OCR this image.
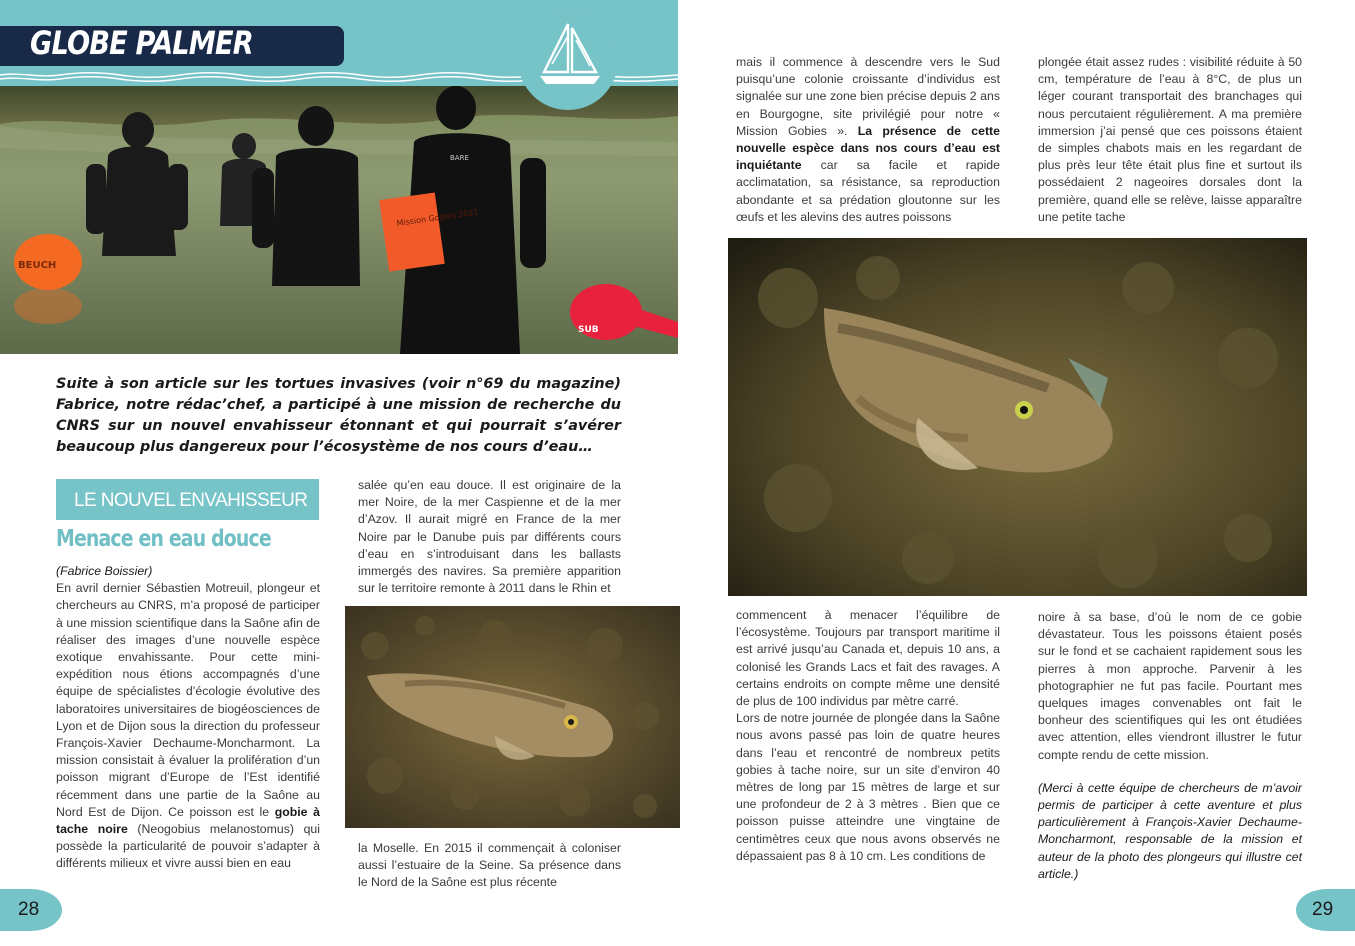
GLOBE PALMER
Mission Gobies 2021
BEUCH
SUB
BARE
Suite à son article sur les tortues invasives (voir n°69 du magazine) Fabrice, notre rédac’chef, a participé à une mission de recherche du CNRS sur un nouvel envahisseur étonnant et qui pourrait s’avérer beaucoup plus dangereux pour l’écosystème de nos cours d’eau…
LE NOUVEL ENVAHISSEUR
Menace en eau douce

(Fabrice Boissier)

En avril dernier Sébastien Motreuil, plongeur et chercheurs au CNRS, m’a proposé de participer à une mission scientifique dans la Saône afin de réaliser des images d’une nouvelle espèce exotique envahissante. Pour cette mini-expédition nous étions accompagnés d’une équipe de spécialistes d’écologie évolutive des laboratoires universitaires de biogéosciences de Lyon et de Dijon sous la direction du professeur François-Xavier Dechaume-Moncharmont. La mission consistait à évaluer la prolifération d’un poisson migrant d’Europe de l’Est identifié récemment dans une partie de la Saône au Nord Est de Dijon. Ce poisson est le gobie à tache noire (Neogobius melanostomus) qui possède la particularité de pouvoir s’adapter à différents milieux et vivre aussi bien en eau

salée qu’en eau douce. Il est originaire de la mer Noire, de la mer Caspienne et de la mer d’Azov. Il aurait migré en France de la mer Noire par le Danube puis par différents cours d’eau en s’introduisant dans les ballasts immergés des navires. Sa première apparition sur le territoire remonte à 2011 dans le Rhin et

la Moselle. En 2015 il commençait à coloniser aussi l’estuaire de la Seine. Sa présence dans le Nord de la Saône est plus récente

28

mais il commence à descendre vers le Sud puisqu’une colonie croissante d’individus est signalée sur une zone bien précise depuis 2 ans en Bourgogne, site privilégié pour notre « Mission Gobies ». La présence de cette nouvelle espèce dans nos cours d’eau est inquiétante car sa facile et rapide acclimatation, sa résistance, sa reproduction abondante et sa prédation gloutonne sur les œufs et les alevins des autres poissons

plongée était assez rudes : visibilité réduite à 50 cm, température de l’eau à 8°C, de plus un léger courant transportait des branchages qui nous percutaient régulièrement. A ma première immersion j’ai pensé que ces poissons étaient de simples chabots mais en les regardant de plus près leur tête était plus fine et surtout ils possédaient 2 nageoires dorsales dont la première, quand elle se relève, laisse apparaître une petite tache

commencent à menacer l’équilibre de l’écosystème. Toujours par transport maritime il est arrivé jusqu’au Canada et, depuis 10 ans, a colonisé les Grands Lacs et fait des ravages. A certains endroits on compte même une densité de plus de 100 individus par mètre carré.

Lors de notre journée de plongée dans la Saône nous avons passé pas loin de quatre heures dans l’eau et rencontré de nombreux petits gobies à tache noire, sur un site d’environ 40 mètres de long par 15 mètres de large et sur une profondeur de 2 à 3 mètres . Bien que ce poisson puisse atteindre une vingtaine de centimètres ceux que nous avons observés ne dépassaient pas 8 à 10 cm. Les conditions de

noire à sa base, d’où le nom de ce gobie dévastateur. Tous les poissons étaient posés sur le fond et se cachaient rapidement sous les pierres à mon approche. Parvenir à les photographier ne fut pas facile. Pourtant mes quelques images convenables ont fait le bonheur des scientifiques qui les ont étudiées avec attention, elles viendront illustrer le futur compte rendu de cette mission.

(Merci à cette équipe de chercheurs de m’avoir permis de participer à cette aventure et plus particulièrement à François-Xavier Dechaume-Moncharmont, responsable de la mission et auteur de la photo des plongeurs qui illustre cet article.)

29
